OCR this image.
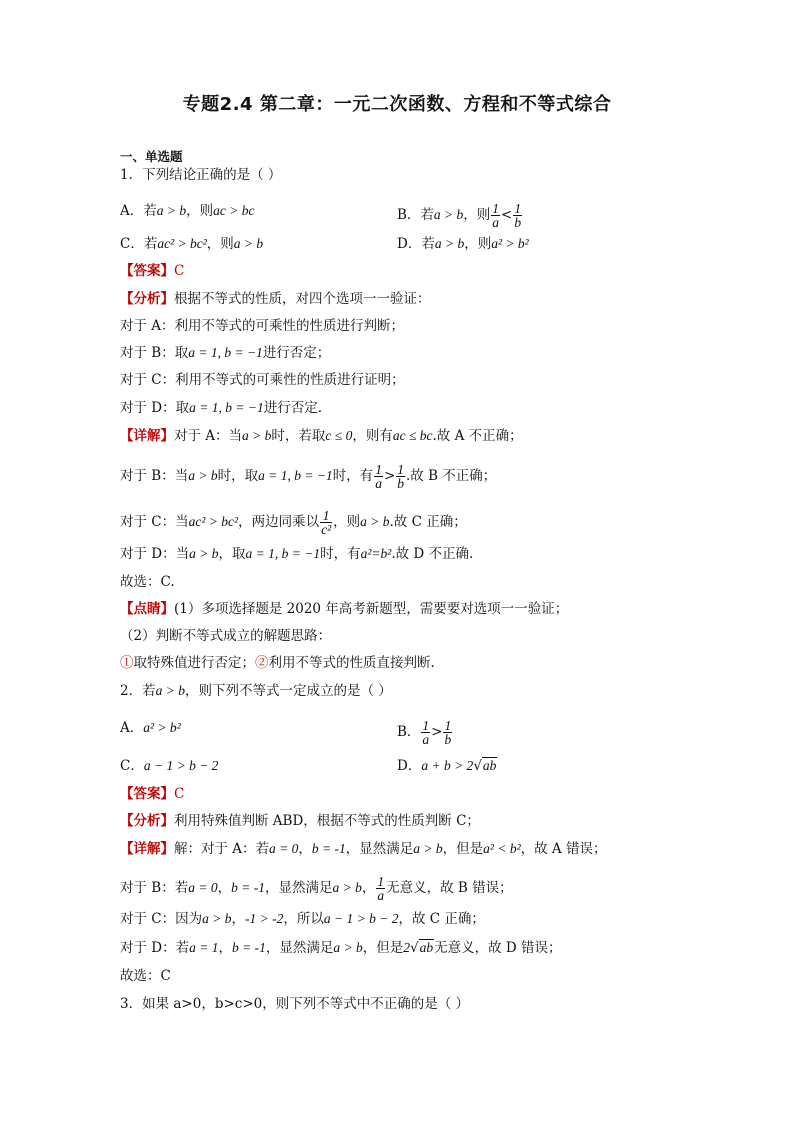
专题2.4 第二章：一元二次函数、方程和不等式综合
一、单选题
1．下列结论正确的是（ ）
A．若a > b，则ac > bc	B．若a > b，则 $\frac{1}{a} < \frac{1}{b}$
C．若ac² > bc²，则a > b	D．若a > b，则a² > b²
【答案】C
【分析】根据不等式的性质，对四个选项一一验证：
对于 A：利用不等式的可乘性的性质进行判断；
对于 B：取a = 1, b = −1进行否定；
对于 C：利用不等式的可乘性的性质进行证明；
对于 D：取a = 1, b = −1进行否定.
【详解】对于 A：当a > b时，若取c ≤ 0，则有ac ≤ bc.故 A 不正确；
对于 B：当a > b时，取a = 1, b = −1时，有 $\frac{1}{a} > \frac{1}{b}$ .故 B 不正确；
对于 C：当ac² > bc²，两边同乘以 $\frac{1}{\text{c²}}$ ，则a > b.故 C 正确；
对于 D：当a > b，取a = 1, b = −1时，有a²=b².故 D 不正确.
故选：C.
【点睛】(1）多项选择题是 2020 年高考新题型，需要要对选项一一验证；
（2）判断不等式成立的解题思路：
①取特殊值进行否定；②利用不等式的性质直接判断.
2．若a > b，则下列不等式一定成立的是（ ）
A．a² > b²	B． $\frac{1}{a} > \frac{1}{b}$
C．a − 1 > b − 2	D．a + b > 2√ab
【答案】C
【分析】利用特殊值判断 ABD，根据不等式的性质判断 C；
【详解】解：对于 A：若a = 0，b = -1，显然满足a > b，但是a² < b²，故 A 错误；
对于 B：若a = 0，b = -1，显然满足a > b， $\frac{1}{a}$ 无意义，故 B 错误；
对于 C：因为a > b，-1 > -2，所以a − 1 > b − 2，故 C 正确；
对于 D：若a = 1，b = -1，显然满足a > b，但是2√ab无意义，故 D 错误；
故选：C
3．如果 a>0，b>c>0，则下列不等式中不正确的是（ ）
